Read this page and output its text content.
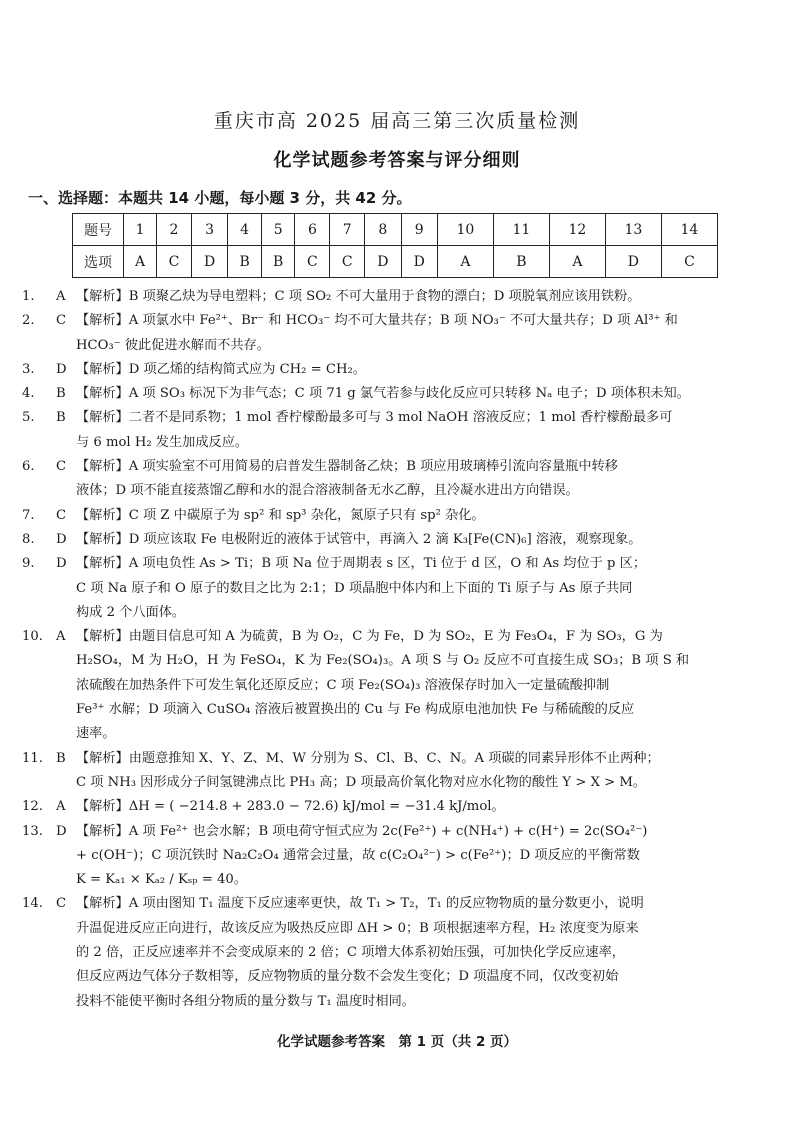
重庆市高 2025 届高三第三次质量检测
化学试题参考答案与评分细则
一、选择题：本题共 14 小题，每小题 3 分，共 42 分。
题号	1	2	3	4	5	6	7	8	9	10	11	12	13	14
选项	A	C	D	B	B	C	C	D	D	A	B	A	D	C
1.	A 【解析】B 项聚乙炔为导电塑料；C 项 SO₂ 不可大量用于食物的漂白；D 项脱氧剂应该用铁粉。

2.	C 【解析】A 项氯水中 Fe²⁺、Br⁻ 和 HCO₃⁻ 均不可大量共存；B 项 NO₃⁻ 不可大量共存；D 项 Al³⁺ 和

HCO₃⁻ 彼此促进水解而不共存。

3.	D 【解析】D 项乙烯的结构简式应为 CH₂ = CH₂。

4.	B 【解析】A 项 SO₃ 标况下为非气态；C 项 71 g 氯气若参与歧化反应可只转移 Nₐ 电子；D 项体积未知。

5.	B 【解析】二者不是同系物；1 mol 香柠檬酚最多可与 3 mol NaOH 溶液反应；1 mol 香柠檬酚最多可

与 6 mol H₂ 发生加成反应。

6.	C 【解析】A 项实验室不可用简易的启普发生器制备乙炔；B 项应用玻璃棒引流向容量瓶中转移

液体；D 项不能直接蒸馏乙醇和水的混合溶液制备无水乙醇，且冷凝水进出方向错误。

7.	C 【解析】C 项 Z 中碳原子为 sp² 和 sp³ 杂化，氮原子只有 sp² 杂化。

8.	D 【解析】D 项应该取 Fe 电极附近的液体于试管中，再滴入 2 滴 K₃[Fe(CN)₆] 溶液，观察现象。

9.	D 【解析】A 项电负性 As > Ti；B 项 Na 位于周期表 s 区，Ti 位于 d 区，O 和 As 均位于 p 区；

C 项 Na 原子和 O 原子的数目之比为 2:1；D 项晶胞中体内和上下面的 Ti 原子与 As 原子共同

构成 2 个八面体。

10. A 【解析】由题目信息可知 A 为硫黄，B 为 O₂，C 为 Fe，D 为 SO₂，E 为 Fe₃O₄，F 为 SO₃，G 为

H₂SO₄，M 为 H₂O，H 为 FeSO₄，K 为 Fe₂(SO₄)₃。A 项 S 与 O₂ 反应不可直接生成 SO₃；B 项 S 和

浓硫酸在加热条件下可发生氧化还原反应；C 项 Fe₂(SO₄)₃ 溶液保存时加入一定量硫酸抑制

Fe³⁺ 水解；D 项滴入 CuSO₄ 溶液后被置换出的 Cu 与 Fe 构成原电池加快 Fe 与稀硫酸的反应

速率。

11. B 【解析】由题意推知 X、Y、Z、M、W 分别为 S、Cl、B、C、N。A 项碳的同素异形体不止两种；

C 项 NH₃ 因形成分子间氢键沸点比 PH₃ 高；D 项最高价氧化物对应水化物的酸性 Y > X > M。

12. A 【解析】ΔH = ( −214.8 + 283.0 − 72.6) kJ/mol = −31.4 kJ/mol。

13. D 【解析】A 项 Fe²⁺ 也会水解；B 项电荷守恒式应为 2c(Fe²⁺) + c(NH₄⁺) + c(H⁺) = 2c(SO₄²⁻)

+ c(OH⁻)；C 项沉铁时 Na₂C₂O₄ 通常会过量，故 c(C₂O₄²⁻) > c(Fe²⁺)；D 项反应的平衡常数

K = Kₐ₁ × Kₐ₂ / Kₛₚ = 40。

14. C 【解析】A 项由图知 T₁ 温度下反应速率更快，故 T₁ > T₂，T₁ 的反应物物质的量分数更小，说明

升温促进反应正向进行，故该反应为吸热反应即 ΔH > 0；B 项根据速率方程，H₂ 浓度变为原来

的 2 倍，正反应速率并不会变成原来的 2 倍；C 项增大体系初始压强，可加快化学反应速率，

但反应两边气体分子数相等，反应物物质的量分数不会发生变化；D 项温度不同，仅改变初始

投料不能使平衡时各组分物质的量分数与 T₁ 温度时相同。

化学试题参考答案　第 1 页（共 2 页）
